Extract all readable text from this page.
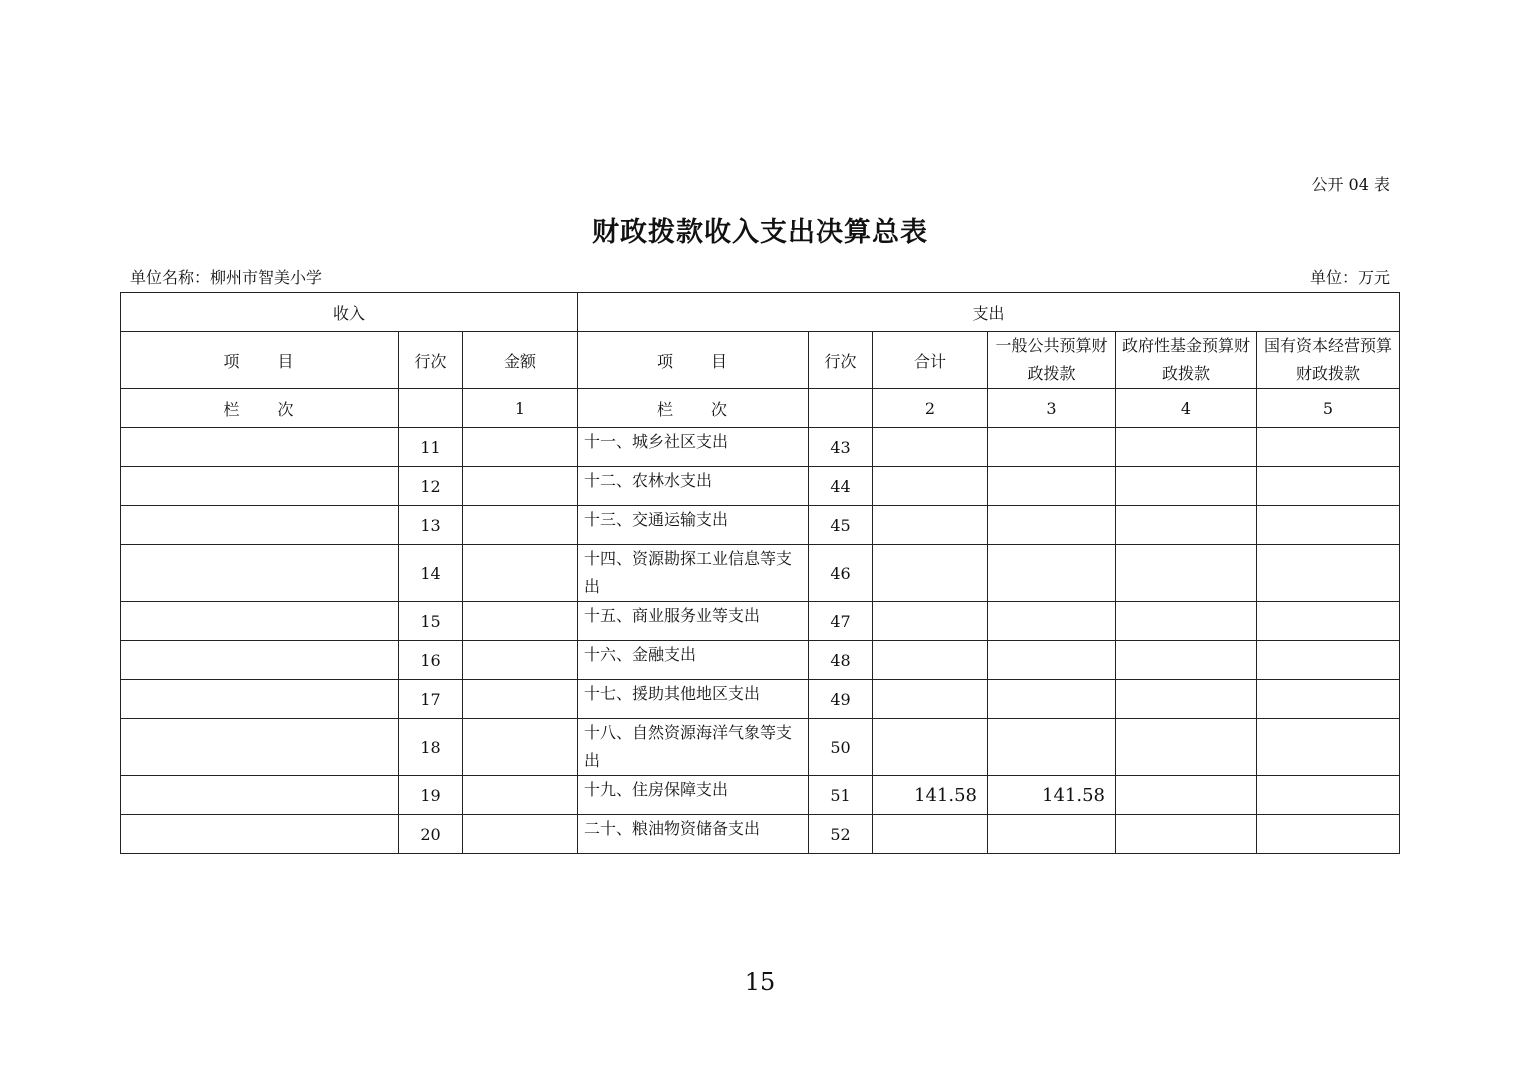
公开 04 表
财政拨款收入支出决算总表
单位名称：柳州市智美小学	单位：万元
收入			支出					
项　　目	行次	金额	项　　目	行次	合计	一般公共预算财政拨款	政府性基金预算财政拨款	国有资本经营预算财政拨款
栏　　次		1	栏　　次		2	3	4	5
	11		十一、城乡社区支出	43				
	12		十二、农林水支出	44				
	13		十三、交通运输支出	45				
	14		十四、资源勘探工业信息等支出	46				
	15		十五、商业服务业等支出	47				
	16		十六、金融支出	48				
	17		十七、援助其他地区支出	49				
	18		十八、自然资源海洋气象等支出	50				
	19		十九、住房保障支出	51	141.58	141.58		
	20		二十、粮油物资储备支出	52				
15
